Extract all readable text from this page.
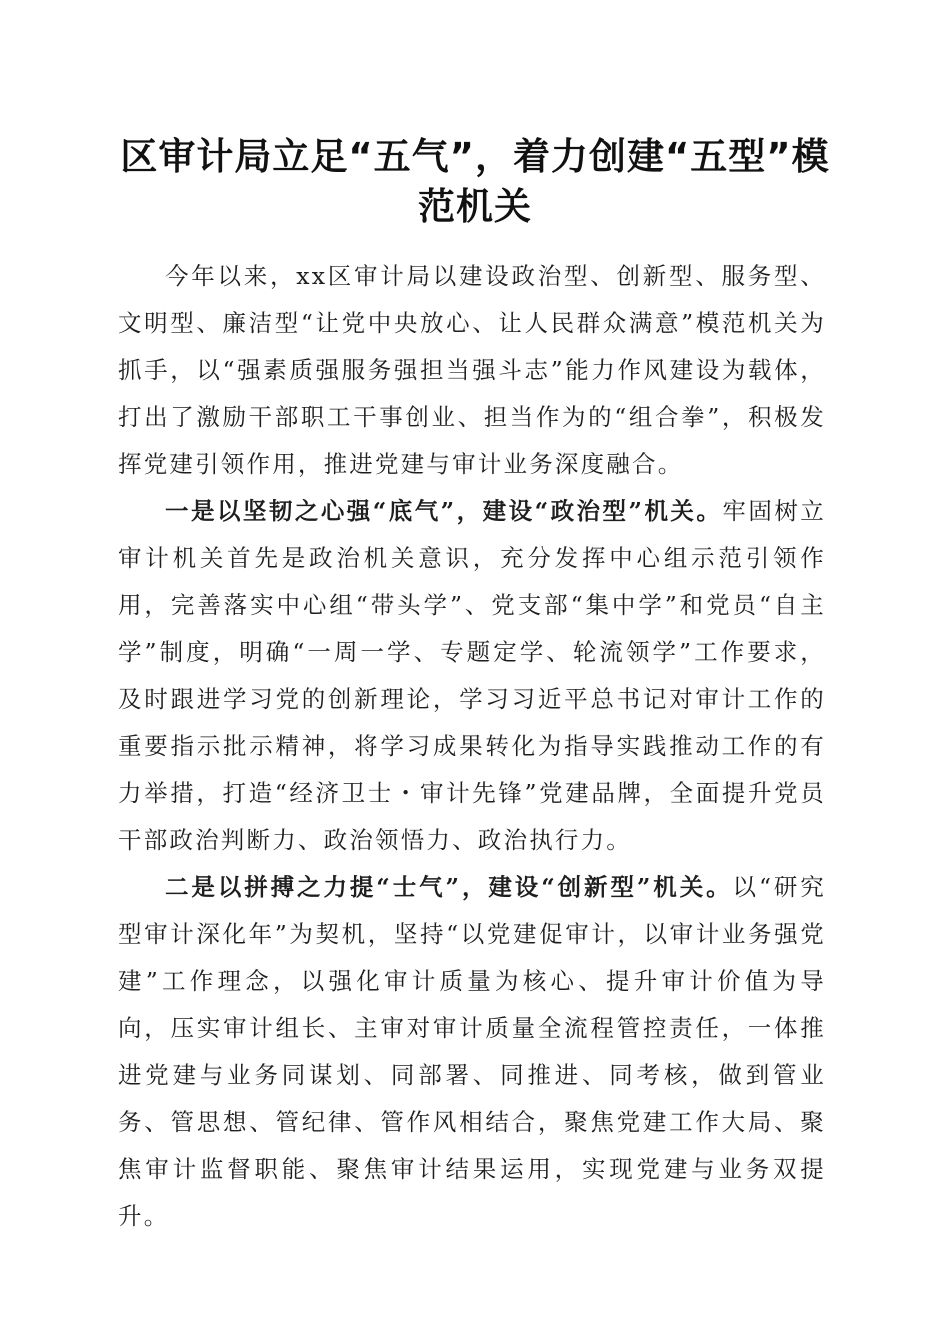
区审计局立足“五气”，着力创建“五型”模范机关

今年以来，xx区审计局以建设政治型、创新型、服务型、文明型、廉洁型“让党中央放心、让人民群众满意”模范机关为抓手，以“强素质强服务强担当强斗志”能力作风建设为载体，打出了激励干部职工干事创业、担当作为的“组合拳”，积极发挥党建引领作用，推进党建与审计业务深度融合。

一是以坚韧之心强“底气”，建设“政治型”机关。牢固树立审计机关首先是政治机关意识，充分发挥中心组示范引领作用，完善落实中心组“带头学”、党支部“集中学”和党员“自主学”制度，明确“一周一学、专题定学、轮流领学”工作要求，及时跟进学习党的创新理论，学习习近平总书记对审计工作的重要指示批示精神，将学习成果转化为指导实践推动工作的有力举措，打造“经济卫士・审计先锋”党建品牌，全面提升党员干部政治判断力、政治领悟力、政治执行力。

二是以拼搏之力提“士气”，建设“创新型”机关。以“研究型审计深化年”为契机，坚持“以党建促审计，以审计业务强党建”工作理念，以强化审计质量为核心、提升审计价值为导向，压实审计组长、主审对审计质量全流程管控责任，一体推进党建与业务同谋划、同部署、同推进、同考核，做到管业务、管思想、管纪律、管作风相结合，聚焦党建工作大局、聚焦审计监督职能、聚焦审计结果运用，实现党建与业务双提升。
